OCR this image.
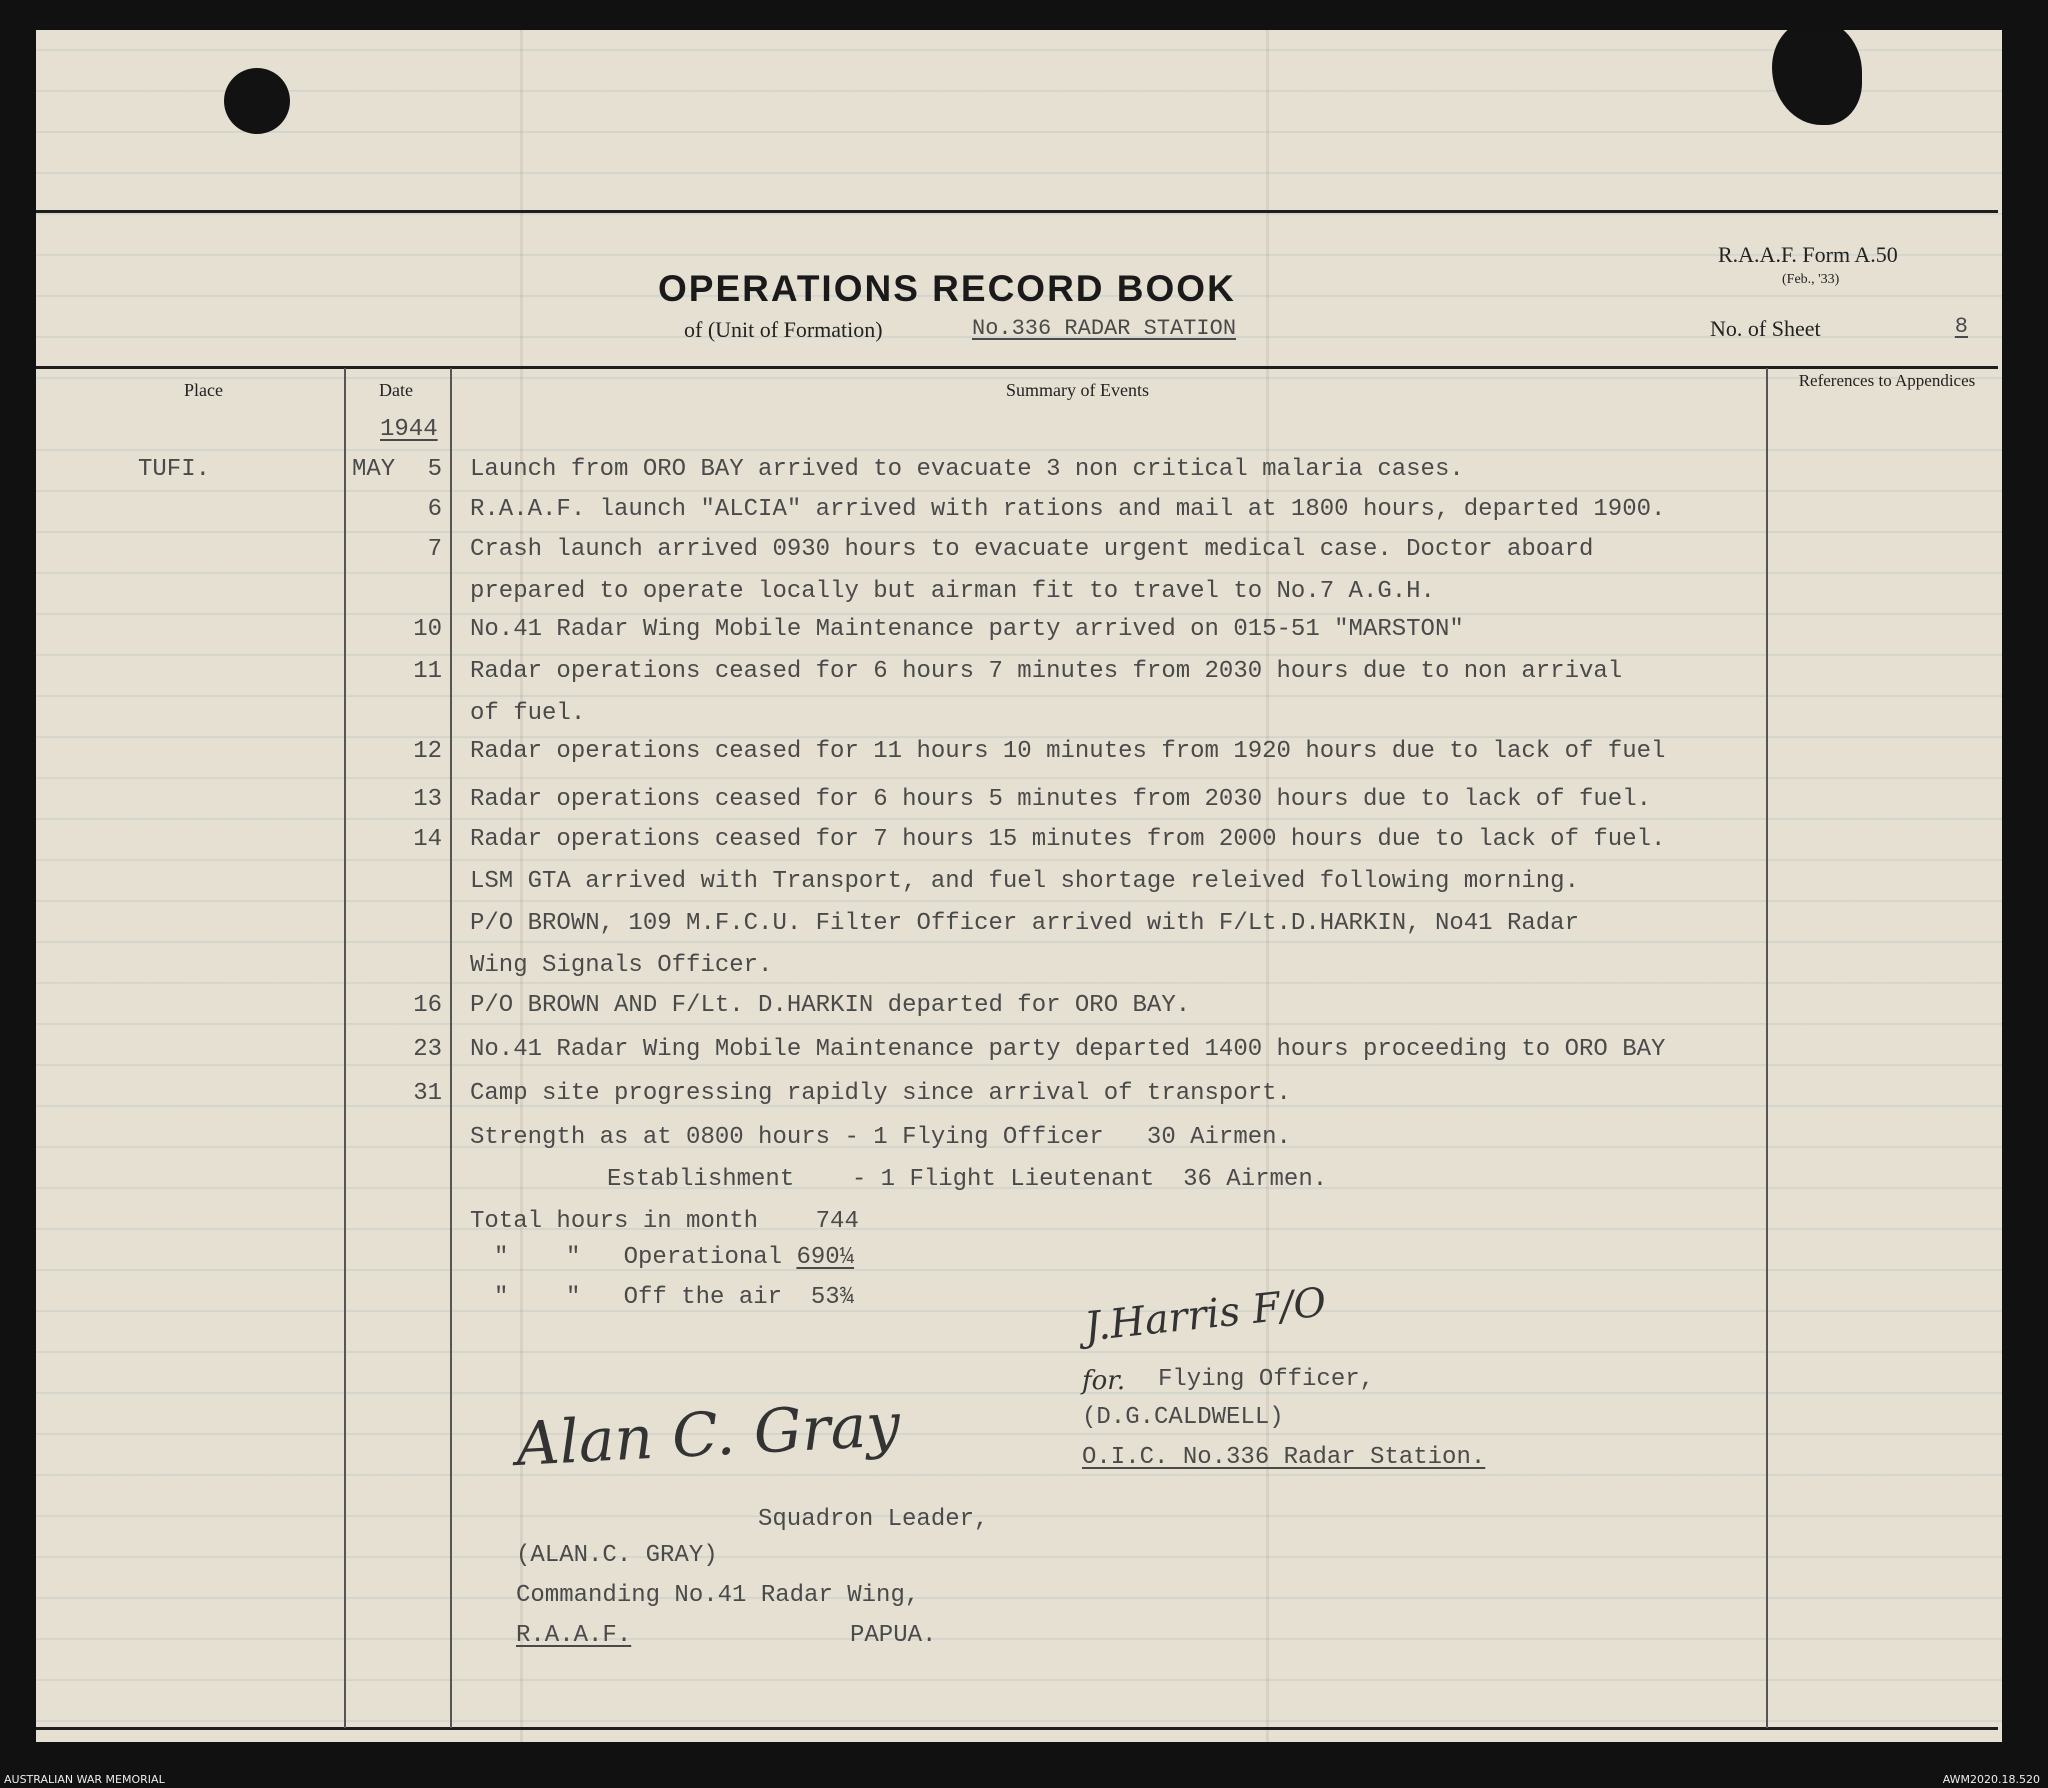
OPERATIONS RECORD BOOK
R.A.A.F. Form A.50
(Feb., '33)
of (Unit of Formation)	No.336 RADAR STATION	No. of Sheet	8
Place	Date	Summary of Events	References to Appendices
1944
TUFI.	MAY	5 Launch from ORO BAY arrived to evacuate 3 non critical malaria cases.
6 R.A.A.F. launch "ALCIA" arrived with rations and mail at 1800 hours, departed 1900.
7 Crash launch arrived 0930 hours to evacuate urgent medical case. Doctor aboard
prepared to operate locally but airman fit to travel to No.7 A.G.H.
10 No.41 Radar Wing Mobile Maintenance party arrived on 015-51 "MARSTON"
11 Radar operations ceased for 6 hours 7 minutes from 2030 hours due to non arrival
of fuel.
12 Radar operations ceased for 11 hours 10 minutes from 1920 hours due to lack of fuel
13 Radar operations ceased for 6 hours 5 minutes from 2030 hours due to lack of fuel.
14 Radar operations ceased for 7 hours 15 minutes from 2000 hours due to lack of fuel.
LSM GTA arrived with Transport, and fuel shortage releived following morning.
P/O BROWN, 109 M.F.C.U. Filter Officer arrived with F/Lt.D.HARKIN, No41 Radar
Wing Signals Officer.
16 P/O BROWN AND F/Lt. D.HARKIN departed for ORO BAY.
23 No.41 Radar Wing Mobile Maintenance party departed 1400 hours proceeding to ORO BAY
31 Camp site progressing rapidly since arrival of transport.
Strength as at 0800 hours - 1 Flying Officer   30 Airmen.
Establishment    - 1 Flight Lieutenant  36 Airmen.
Total hours in month    744
"    "   Operational 690¼
"    "   Off the air  53¾	J.Harris F/O
for. Flying Officer,
(D.G.CALDWELL)
O.I.C. No.336 Radar Station.
Alan C. Gray
Squadron Leader,
(ALAN.C. GRAY)
Commanding No.41 Radar Wing,
R.A.A.F.	PAPUA.
AUSTRALIAN WAR MEMORIAL	AWM2020.18.520
